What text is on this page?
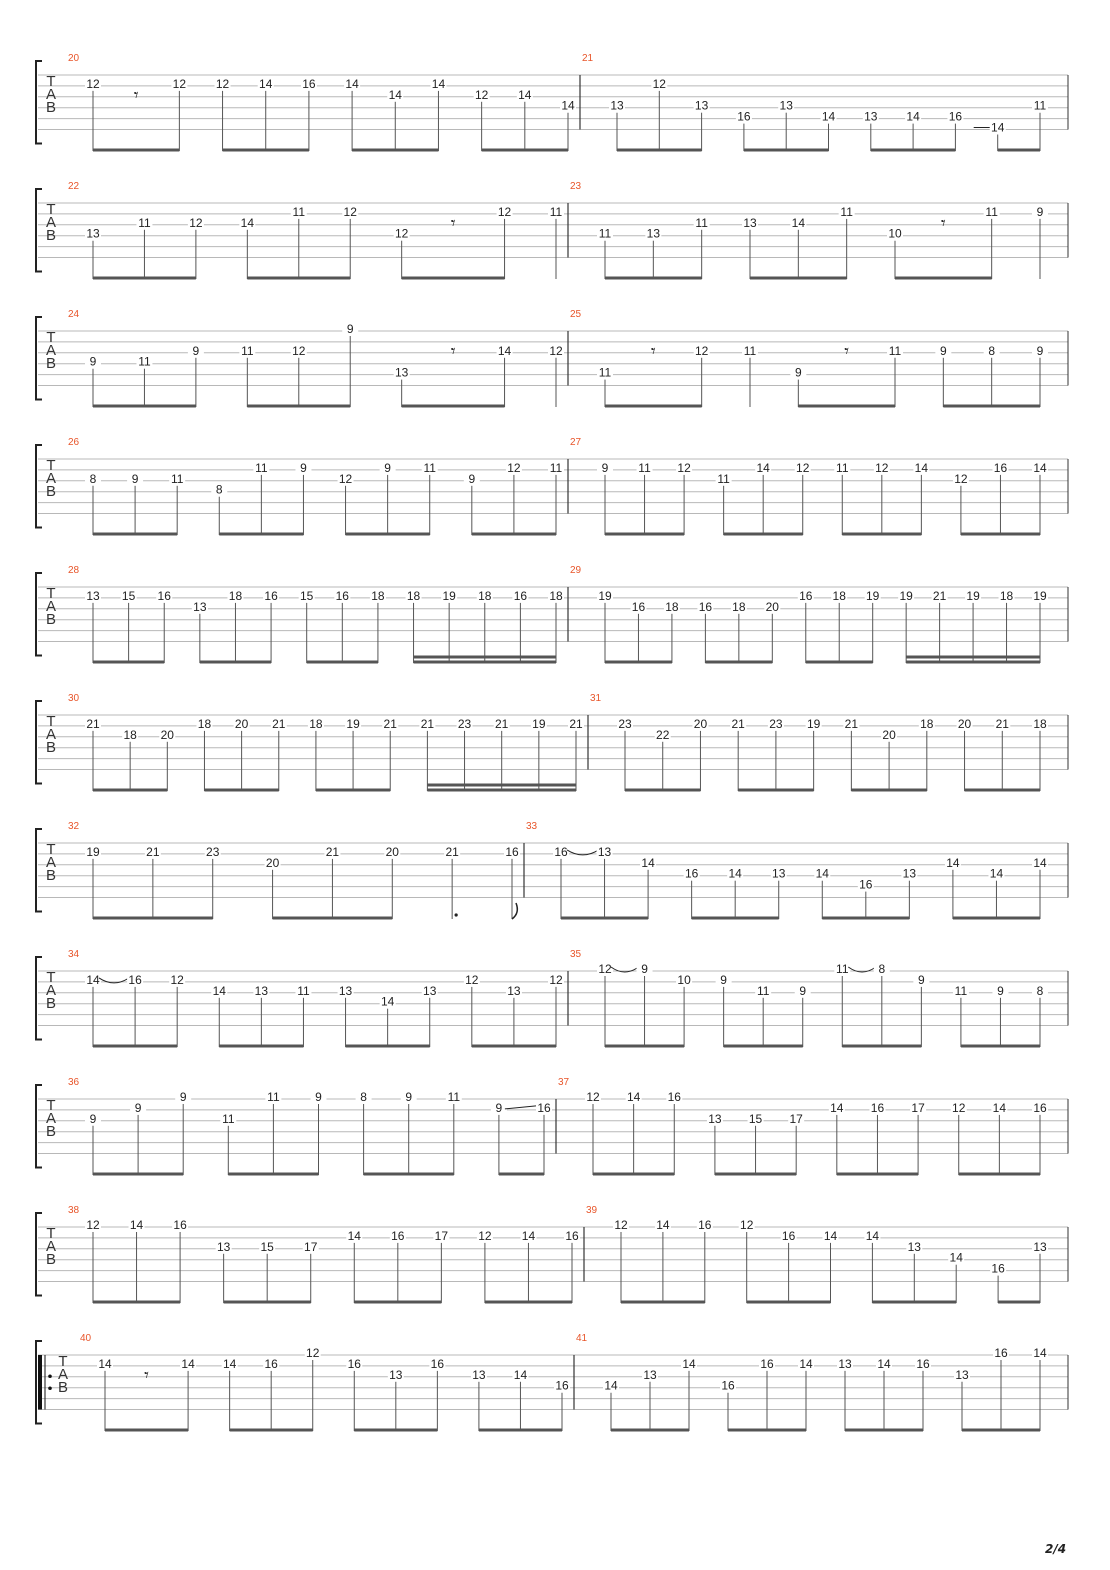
T
A
B
20
12
𝄾
12 12 14 16 14
14
14
12 14
14
21
13
12
13
16
13
14 13 14 16
14
11
T
A
B
22
13
11	12	14
11	12
12 𝄾
12	11
23
11	13
11	13	14
11
10 𝄾
11	9
T
A
B
24
9	11
9	11	12
9
13
𝄾	14	12
25
11
𝄾	12	11
9
𝄾	11	9	8	9
T
A
B
26
8	9	11
8
11	9
12
9	11
9
12 11
27
9 11 12
11
14 12 11 12 14
12
16 14
T
A
B
28
13 15 16
13
18 16 15 16 18 18 19 18 16 18
29
19
16 18 16 18 20
16 18 19 19 21 19 18 19
T
A
B
30
21
18 20
18 20 21 18 19 21 21 23 21 19 21
31
23
22
20 21 23 19 21
20
18 20 21 18
T
A
B
32
19	21	23
20
21	20	21	16
33
16	13
14
16	14	13	14
16
13
14
14
14
T
A
B
34
14 16 12
14 13 11 13
14
13
12
13
12
35
12 9
10 9
11 9
11 8
9
11 9	8
T
A
B
36
9
9
9
11
11	9	8	9	11
9	16
37
12 14 16
13 15 17
14 16 17 12 14 16
T
A
B
38
12	14	16
13	15	17
14	16	17	12	14	16
39
12 14 16 12
16 14 14
13
14
16
13
T
A
B
40
14
𝄾
14 14 16
12
16
13
16
13 14
16
41
14
13
14
16
16 14 13 14 16
13
16 14
2/4
